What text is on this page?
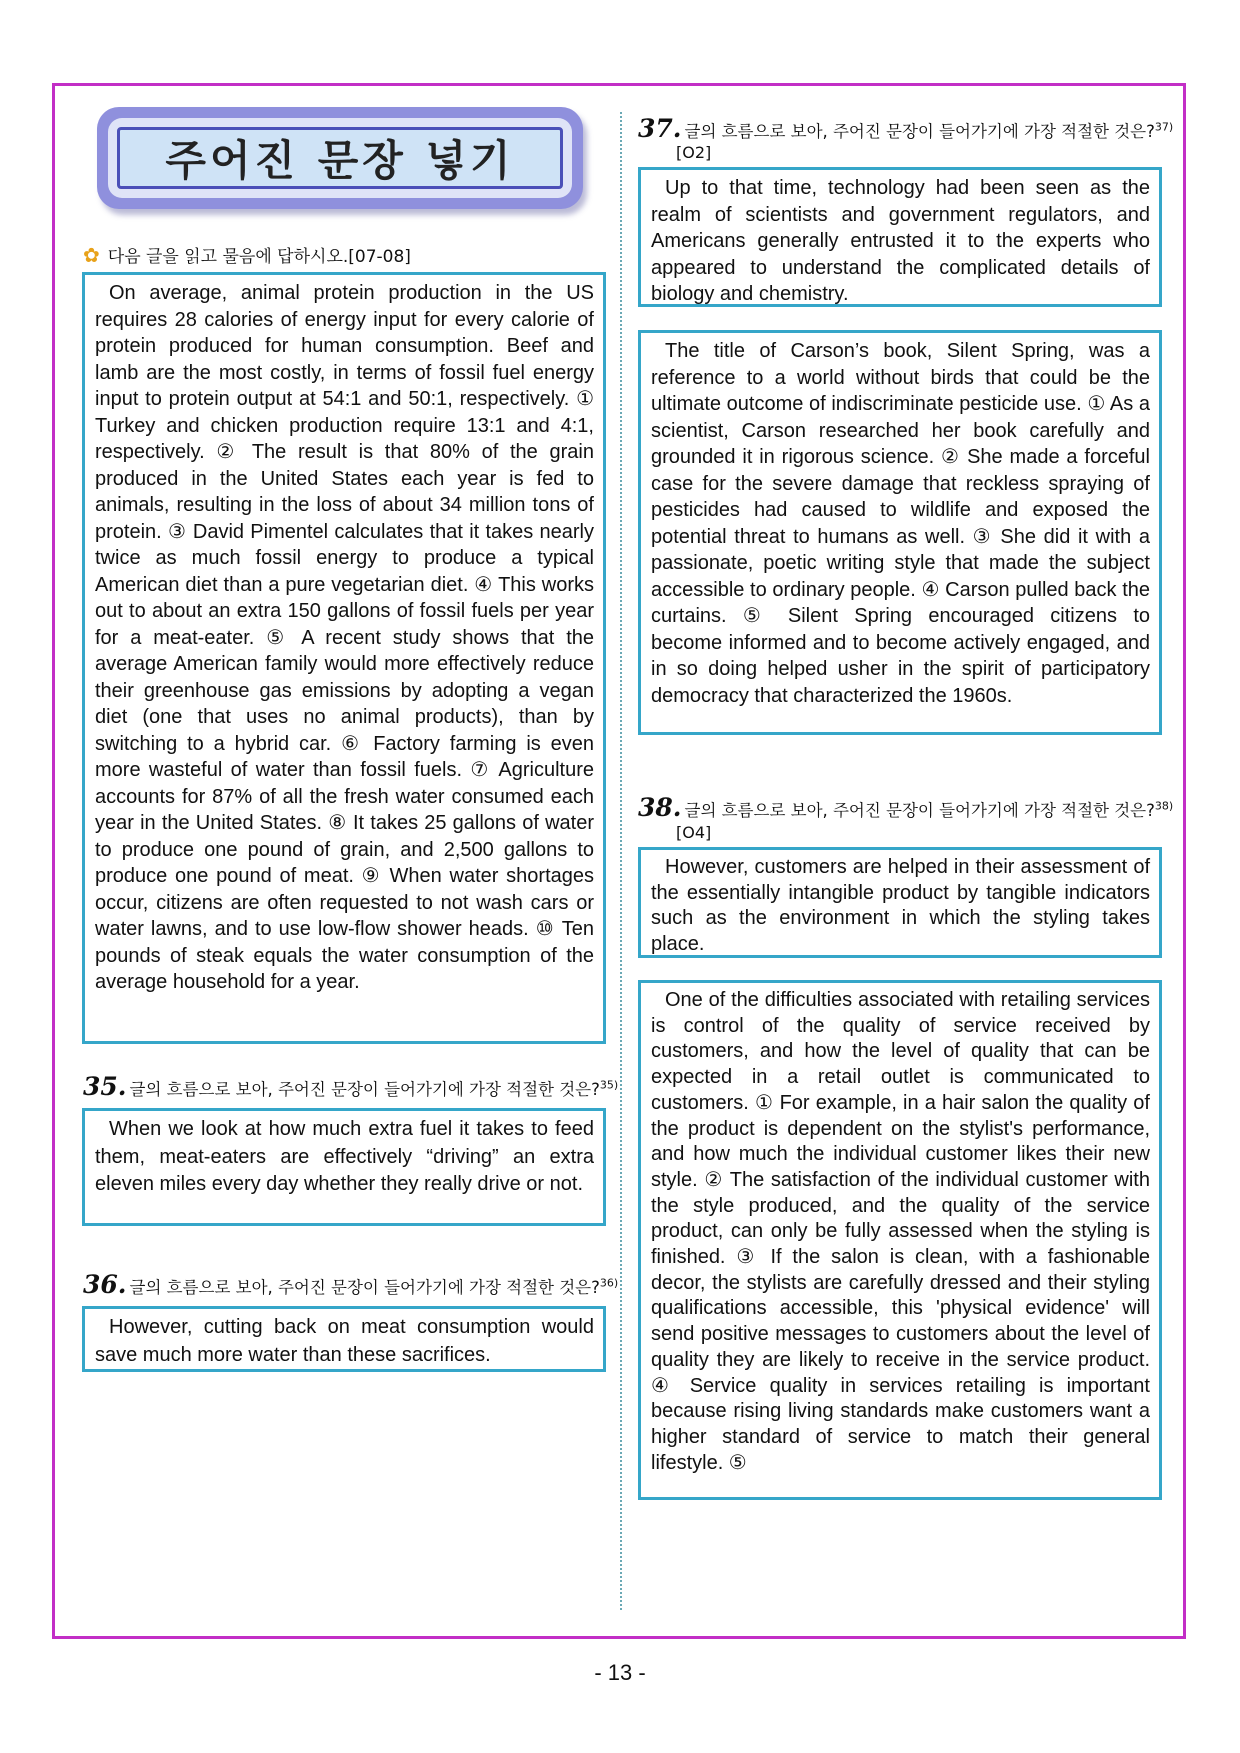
주어진 문장 넣기
✿ 다음 글을 읽고 물음에 답하시오.[07-08]

On average, animal protein production in the US requires 28 calories of energy input for every calorie of protein produced for human consumption. Beef and lamb are the most costly, in terms of fossil fuel energy input to protein output at 54:1 and 50:1, respectively. ① Turkey and chicken production require 13:1 and 4:1, respectively. ② The result is that 80% of the grain produced in the United States each year is fed to animals, resulting in the loss of about 34 million tons of protein. ③ David Pimentel calculates that it takes nearly twice as much fossil energy to produce a typical American diet than a pure vegetarian diet. ④ This works out to about an extra 150 gallons of fossil fuels per year for a meat-eater. ⑤ A recent study shows that the average American family would more effectively reduce their greenhouse gas emissions by adopting a vegan diet (one that uses no animal products), than by switching to a hybrid car. ⑥ Factory farming is even more wasteful of water than fossil fuels. ⑦ Agriculture accounts for 87% of all the fresh water consumed each year in the United States. ⑧ It takes 25 gallons of water to produce one pound of grain, and 2,500 gallons to produce one pound of meat. ⑨ When water shortages occur, citizens are often requested to not wash cars or water lawns, and to use low-flow shower heads. ⑩ Ten pounds of steak equals the water consumption of the average household for a year.

35. 글의 흐름으로 보아, 주어진 문장이 들어가기에 가장 적절한 것은?$^{35)}$

When we look at how much extra fuel it takes to feed them, meat-eaters are effectively “driving” an extra eleven miles every day whether they really drive or not.

36. 글의 흐름으로 보아, 주어진 문장이 들어가기에 가장 적절한 것은?$^{36)}$

However, cutting back on meat consumption would save much more water than these sacrifices.

37. 글의 흐름으로 보아, 주어진 문장이 들어가기에 가장 적절한 것은?$^{37)}$
[O2]

Up to that time, technology had been seen as the realm of scientists and government regulators, and Americans generally entrusted it to the experts who appeared to understand the complicated details of biology and chemistry.

The title of Carson’s book, Silent Spring, was a reference to a world without birds that could be the ultimate outcome of indiscriminate pesticide use. ① As a scientist, Carson researched her book carefully and grounded it in rigorous science. ② She made a forceful case for the severe damage that reckless spraying of pesticides had caused to wildlife and exposed the potential threat to humans as well. ③ She did it with a passionate, poetic writing style that made the subject accessible to ordinary people. ④ Carson pulled back the curtains. ⑤ Silent Spring encouraged citizens to become informed and to become actively engaged, and in so doing helped usher in the spirit of participatory democracy that characterized the 1960s.

38. 글의 흐름으로 보아, 주어진 문장이 들어가기에 가장 적절한 것은?$^{38)}$
[O4]

However, customers are helped in their assessment of the essentially intangible product by tangible indicators such as the environment in which the styling takes place.

One of the difficulties associated with retailing services is control of the quality of service received by customers, and how the level of quality that can be expected in a retail outlet is communicated to customers. ① For example, in a hair salon the quality of the product is dependent on the stylist's performance, and how much the individual customer likes their new style. ② The satisfaction of the individual customer with the style produced, and the quality of the service product, can only be fully assessed when the styling is finished. ③ If the salon is clean, with a fashionable decor, the stylists are carefully dressed and their styling qualifications accessible, this 'physical evidence' will send positive messages to customers about the level of quality they are likely to receive in the service product. ④ Service quality in services retailing is important because rising living standards make customers want a higher standard of service to match their general lifestyle. ⑤

- 13 -
